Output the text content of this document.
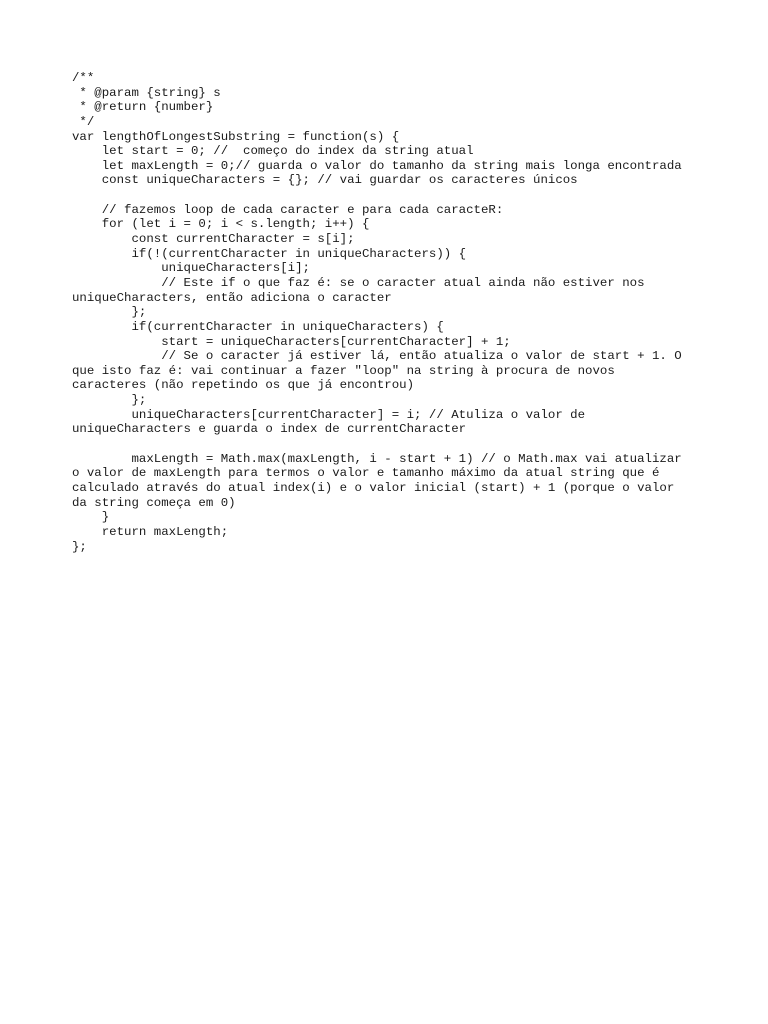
/**
* @param {string} s
* @return {number}
*/
var lengthOfLongestSubstring = function(s) {
let start = 0; //  começo do index da string atual
let maxLength = 0;// guarda o valor do tamanho da string mais longa encontrada
const uniqueCharacters = {}; // vai guardar os caracteres únicos
// fazemos loop de cada caracter e para cada caracteR:
for (let i = 0; i < s.length; i++) {
const currentCharacter = s[i];
if(!(currentCharacter in uniqueCharacters)) {
uniqueCharacters[i];
// Este if o que faz é: se o caracter atual ainda não estiver nos
uniqueCharacters, então adiciona o caracter
};
if(currentCharacter in uniqueCharacters) {
start = uniqueCharacters[currentCharacter] + 1;
// Se o caracter já estiver lá, então atualiza o valor de start + 1. O
que isto faz é: vai continuar a fazer "loop" na string à procura de novos
caracteres (não repetindo os que já encontrou)
};
uniqueCharacters[currentCharacter] = i; // Atuliza o valor de
uniqueCharacters e guarda o index de currentCharacter
maxLength = Math.max(maxLength, i - start + 1) // o Math.max vai atualizar
o valor de maxLength para termos o valor e tamanho máximo da atual string que é
calculado através do atual index(i) e o valor inicial (start) + 1 (porque o valor
da string começa em 0)
}
return maxLength;
};
